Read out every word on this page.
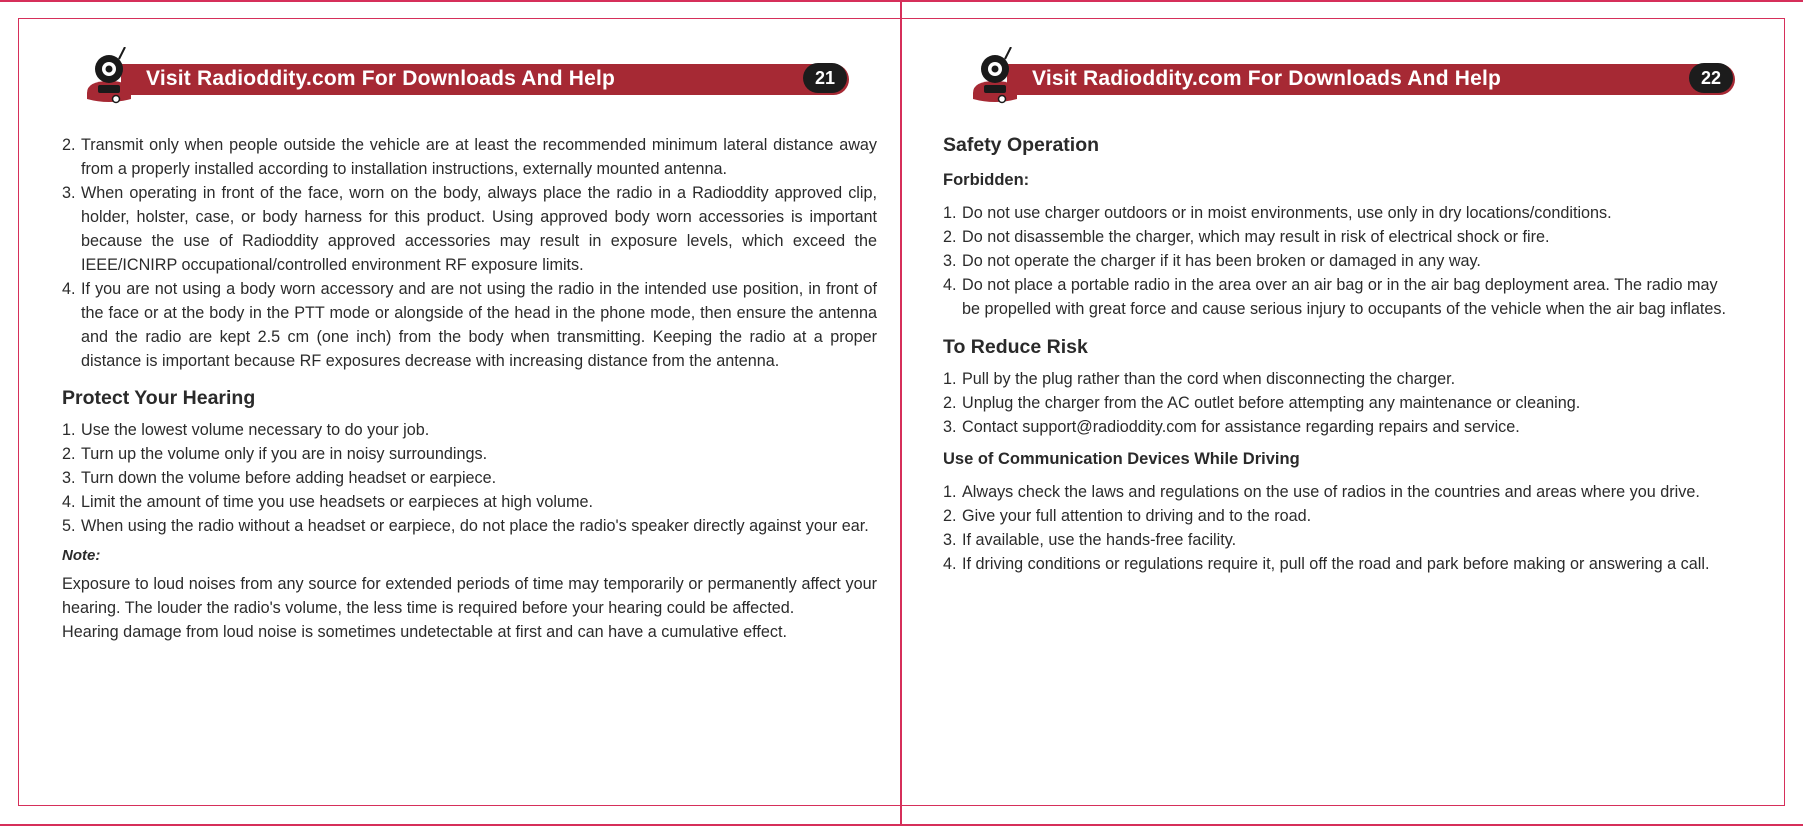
Visit Radioddity.com For Downloads And Help	21
2. Transmit only when people outside the vehicle are at least the recommended minimum lateral distance away from a properly installed according to installation instructions, externally mounted antenna.
3. When operating in front of the face, worn on the body, always place the radio in a Radioddity approved clip, holder, holster, case, or body harness for this product. Using approved body worn accessories is important because the use of Radioddity approved accessories may result in exposure levels, which exceed the IEEE/ICNIRP occupational/controlled environment RF exposure limits.
4. If you are not using a body worn accessory and are not using the radio in the intended use position, in front of the face or at the body in the PTT mode or alongside of the head in the phone mode, then ensure the antenna and the radio are kept 2.5 cm (one inch) from the body when transmitting. Keeping the radio at a proper distance is important because RF exposures decrease with increasing distance from the antenna.
Protect Your Hearing
1. Use the lowest volume necessary to do your job.
2. Turn up the volume only if you are in noisy surroundings.
3. Turn down the volume before adding headset or earpiece.
4. Limit the amount of time you use headsets or earpieces at high volume.
5. When using the radio without a headset or earpiece, do not place the radio's speaker directly against your ear.
Note:

Exposure to loud noises from any source for extended periods of time may temporarily or permanently affect your hearing. The louder the radio's volume, the less time is required before your hearing could be affected.

Hearing damage from loud noise is sometimes undetectable at first and can have a cumulative effect.

Visit Radioddity.com For Downloads And Help	22
Safety Operation
Forbidden:
1. Do not use charger outdoors or in moist environments, use only in dry locations/conditions.
2. Do not disassemble the charger, which may result in risk of electrical shock or fire.
3. Do not operate the charger if it has been broken or damaged in any way.
4. Do not place a portable radio in the area over an air bag or in the air bag deployment area. The radio may be propelled with great force and cause serious injury to occupants of the vehicle when the air bag inflates.
To Reduce Risk
1. Pull by the plug rather than the cord when disconnecting the charger.
2. Unplug the charger from the AC outlet before attempting any maintenance or cleaning.
3. Contact support@radioddity.com for assistance regarding repairs and service.
Use of Communication Devices While Driving
1. Always check the laws and regulations on the use of radios in the countries and areas where you drive.
2. Give your full attention to driving and to the road.
3. If available, use the hands-free facility.
4. If driving conditions or regulations require it, pull off the road and park before making or answering a call.
